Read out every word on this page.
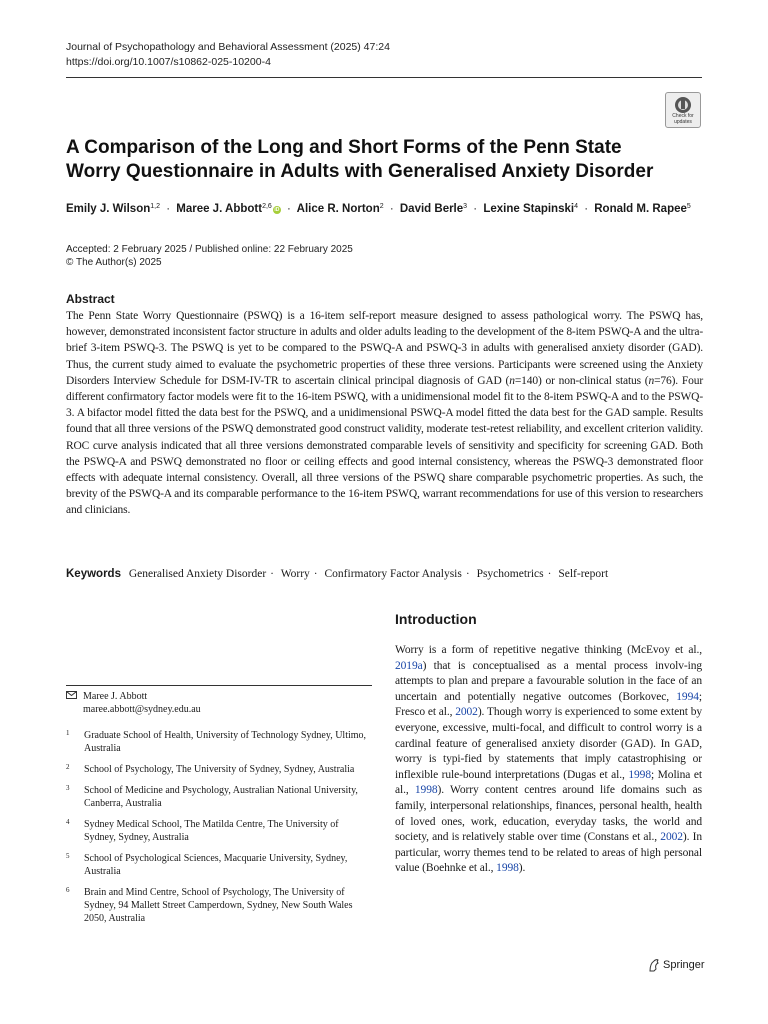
Journal of Psychopathology and Behavioral Assessment (2025) 47:24
https://doi.org/10.1007/s10862-025-10200-4
Check for updates
A Comparison of the Long and Short Forms of the Penn State Worry Questionnaire in Adults with Generalised Anxiety Disorder
Emily J. Wilson$^{1,2}$ · Maree J. Abbott$^{2,6}$ iD · Alice R. Norton$^2$ · David Berle$^3$ · Lexine Stapinski$^4$ · Ronald M. Rapee$^5$
Accepted: 2 February 2025 / Published online: 22 February 2025
© The Author(s) 2025
Abstract

The Penn State Worry Questionnaire (PSWQ) is a 16-item self-report measure designed to assess pathological worry. The PSWQ has, however, demonstrated inconsistent factor structure in adults and older adults leading to the development of the 8-item PSWQ-A and the ultra-brief 3-item PSWQ-3. The PSWQ is yet to be compared to the PSWQ-A and PSWQ-3 in adults with generalised anxiety disorder (GAD). Thus, the current study aimed to evaluate the psychometric properties of these three versions. Participants were screened using the Anxiety Disorders Interview Schedule for DSM-IV-TR to ascertain clinical principal diagnosis of GAD (n=140) or non-clinical status (n=76). Four different confirmatory factor models were fit to the 16-item PSWQ, with a unidimensional model fit to the 8-item PSWQ-A and to the PSWQ-3. A bifactor model fitted the data best for the PSWQ, and a unidimensional PSWQ-A model fitted the data best for the GAD sample. Results found that all three versions of the PSWQ demonstrated good construct validity, moderate test-retest reliability, and excellent criterion validity. ROC curve analysis indicated that all three versions demonstrated comparable levels of sensitivity and specificity for screening GAD. Both the PSWQ-A and PSWQ demonstrated no floor or ceiling effects and good internal consistency, whereas the PSWQ-3 demonstrated floor effects with adequate internal consistency. Overall, all three versions of the PSWQ share comparable psychometric properties. As such, the brevity of the PSWQ-A and its comparable performance to the 16-item PSWQ, warrant recommendations for use of this version to researchers and clinicians.

Keywords Generalised Anxiety Disorder · Worry · Confirmatory Factor Analysis · Psychometrics · Self-report
Introduction

Worry is a form of repetitive negative thinking (McEvoy et al., 2019a) that is conceptualised as a mental process involv-ing attempts to plan and prepare a favourable solution in the face of an uncertain and potentially negative outcomes (Borkovec, 1994; Fresco et al., 2002). Though worry is experienced to some extent by everyone, excessive, multi-focal, and difficult to control worry is a cardinal feature of generalised anxiety disorder (GAD). In GAD, worry is typi-fied by statements that imply catastrophising or inflexible rule-bound interpretations (Dugas et al., 1998; Molina et al., 1998). Worry content centres around life domains such as family, interpersonal relationships, finances, personal health, health of loved ones, work, education, everyday tasks, the world and society, and is relatively stable over time (Constans et al., 2002). In particular, worry themes tend to be related to areas of high personal value (Boehnke et al., 1998).

Maree J. Abbott
maree.abbott@sydney.edu.au
1 Graduate School of Health, University of Technology Sydney, Ultimo, Australia
2 School of Psychology, The University of Sydney, Sydney, Australia
3 School of Medicine and Psychology, Australian National University, Canberra, Australia
4 Sydney Medical School, The Matilda Centre, The University of Sydney, Sydney, Australia
5 School of Psychological Sciences, Macquarie University, Sydney, Australia
6 Brain and Mind Centre, School of Psychology, The University of Sydney, 94 Mallett Street Camperdown, Sydney, New South Wales 2050, Australia
Springer
